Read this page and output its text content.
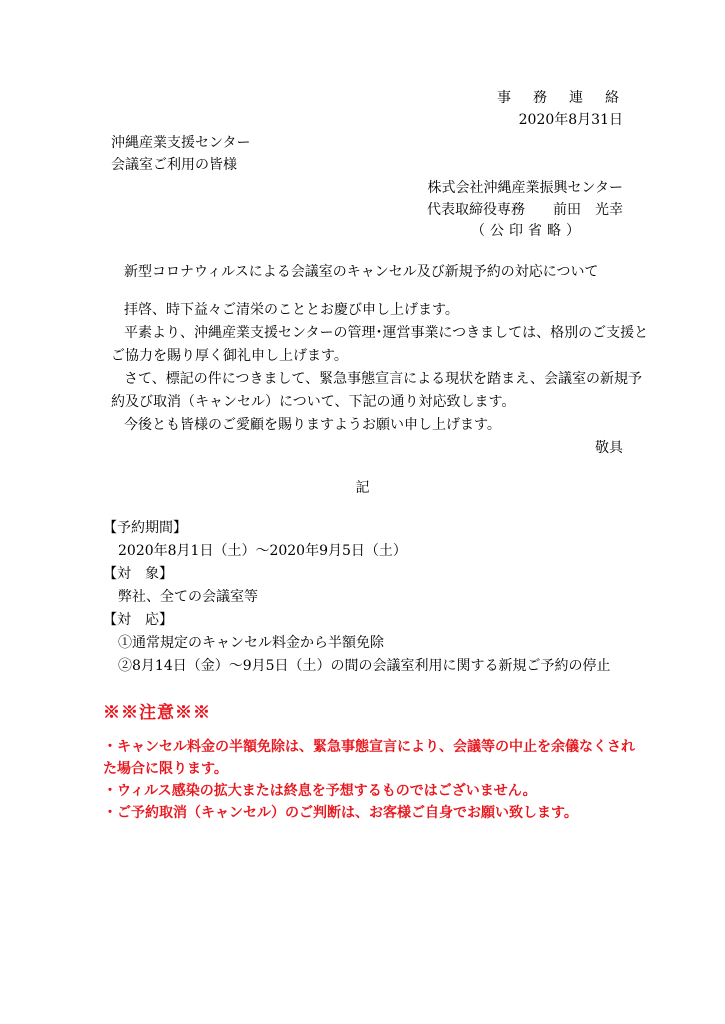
事　務　連　絡
2020年8月31日
沖縄産業支援センター
会議室ご利用の皆様
株式会社沖縄産業振興センター
代表取締役専務　　前田　光幸
（公印省略）
新型コロナウィルスによる会議室のキャンセル及び新規予約の対応について
拝啓、時下益々ご清栄のこととお慶び申し上げます。
平素より、沖縄産業支援センターの管理･運営事業につきましては、格別のご支援と
ご協力を賜り厚く御礼申し上げます。
さて、標記の件につきまして、緊急事態宣言による現状を踏まえ、会議室の新規予
約及び取消（キャンセル）について、下記の通り対応致します。
今後とも皆様のご愛顧を賜りますようお願い申し上げます。
敬具
記
【予約期間】
2020年8月1日（土）～2020年9月5日（土）
【対　象】
弊社、全ての会議室等
【対　応】
①通常規定のキャンセル料金から半額免除
②8月14日（金）～9月5日（土）の間の会議室利用に関する新規ご予約の停止
※※注意※※
・キャンセル料金の半額免除は、緊急事態宣言により、会議等の中止を余儀なくされ
た場合に限ります。
・ウィルス感染の拡大または終息を予想するものではございません。
・ご予約取消（キャンセル）のご判断は、お客様ご自身でお願い致します。
